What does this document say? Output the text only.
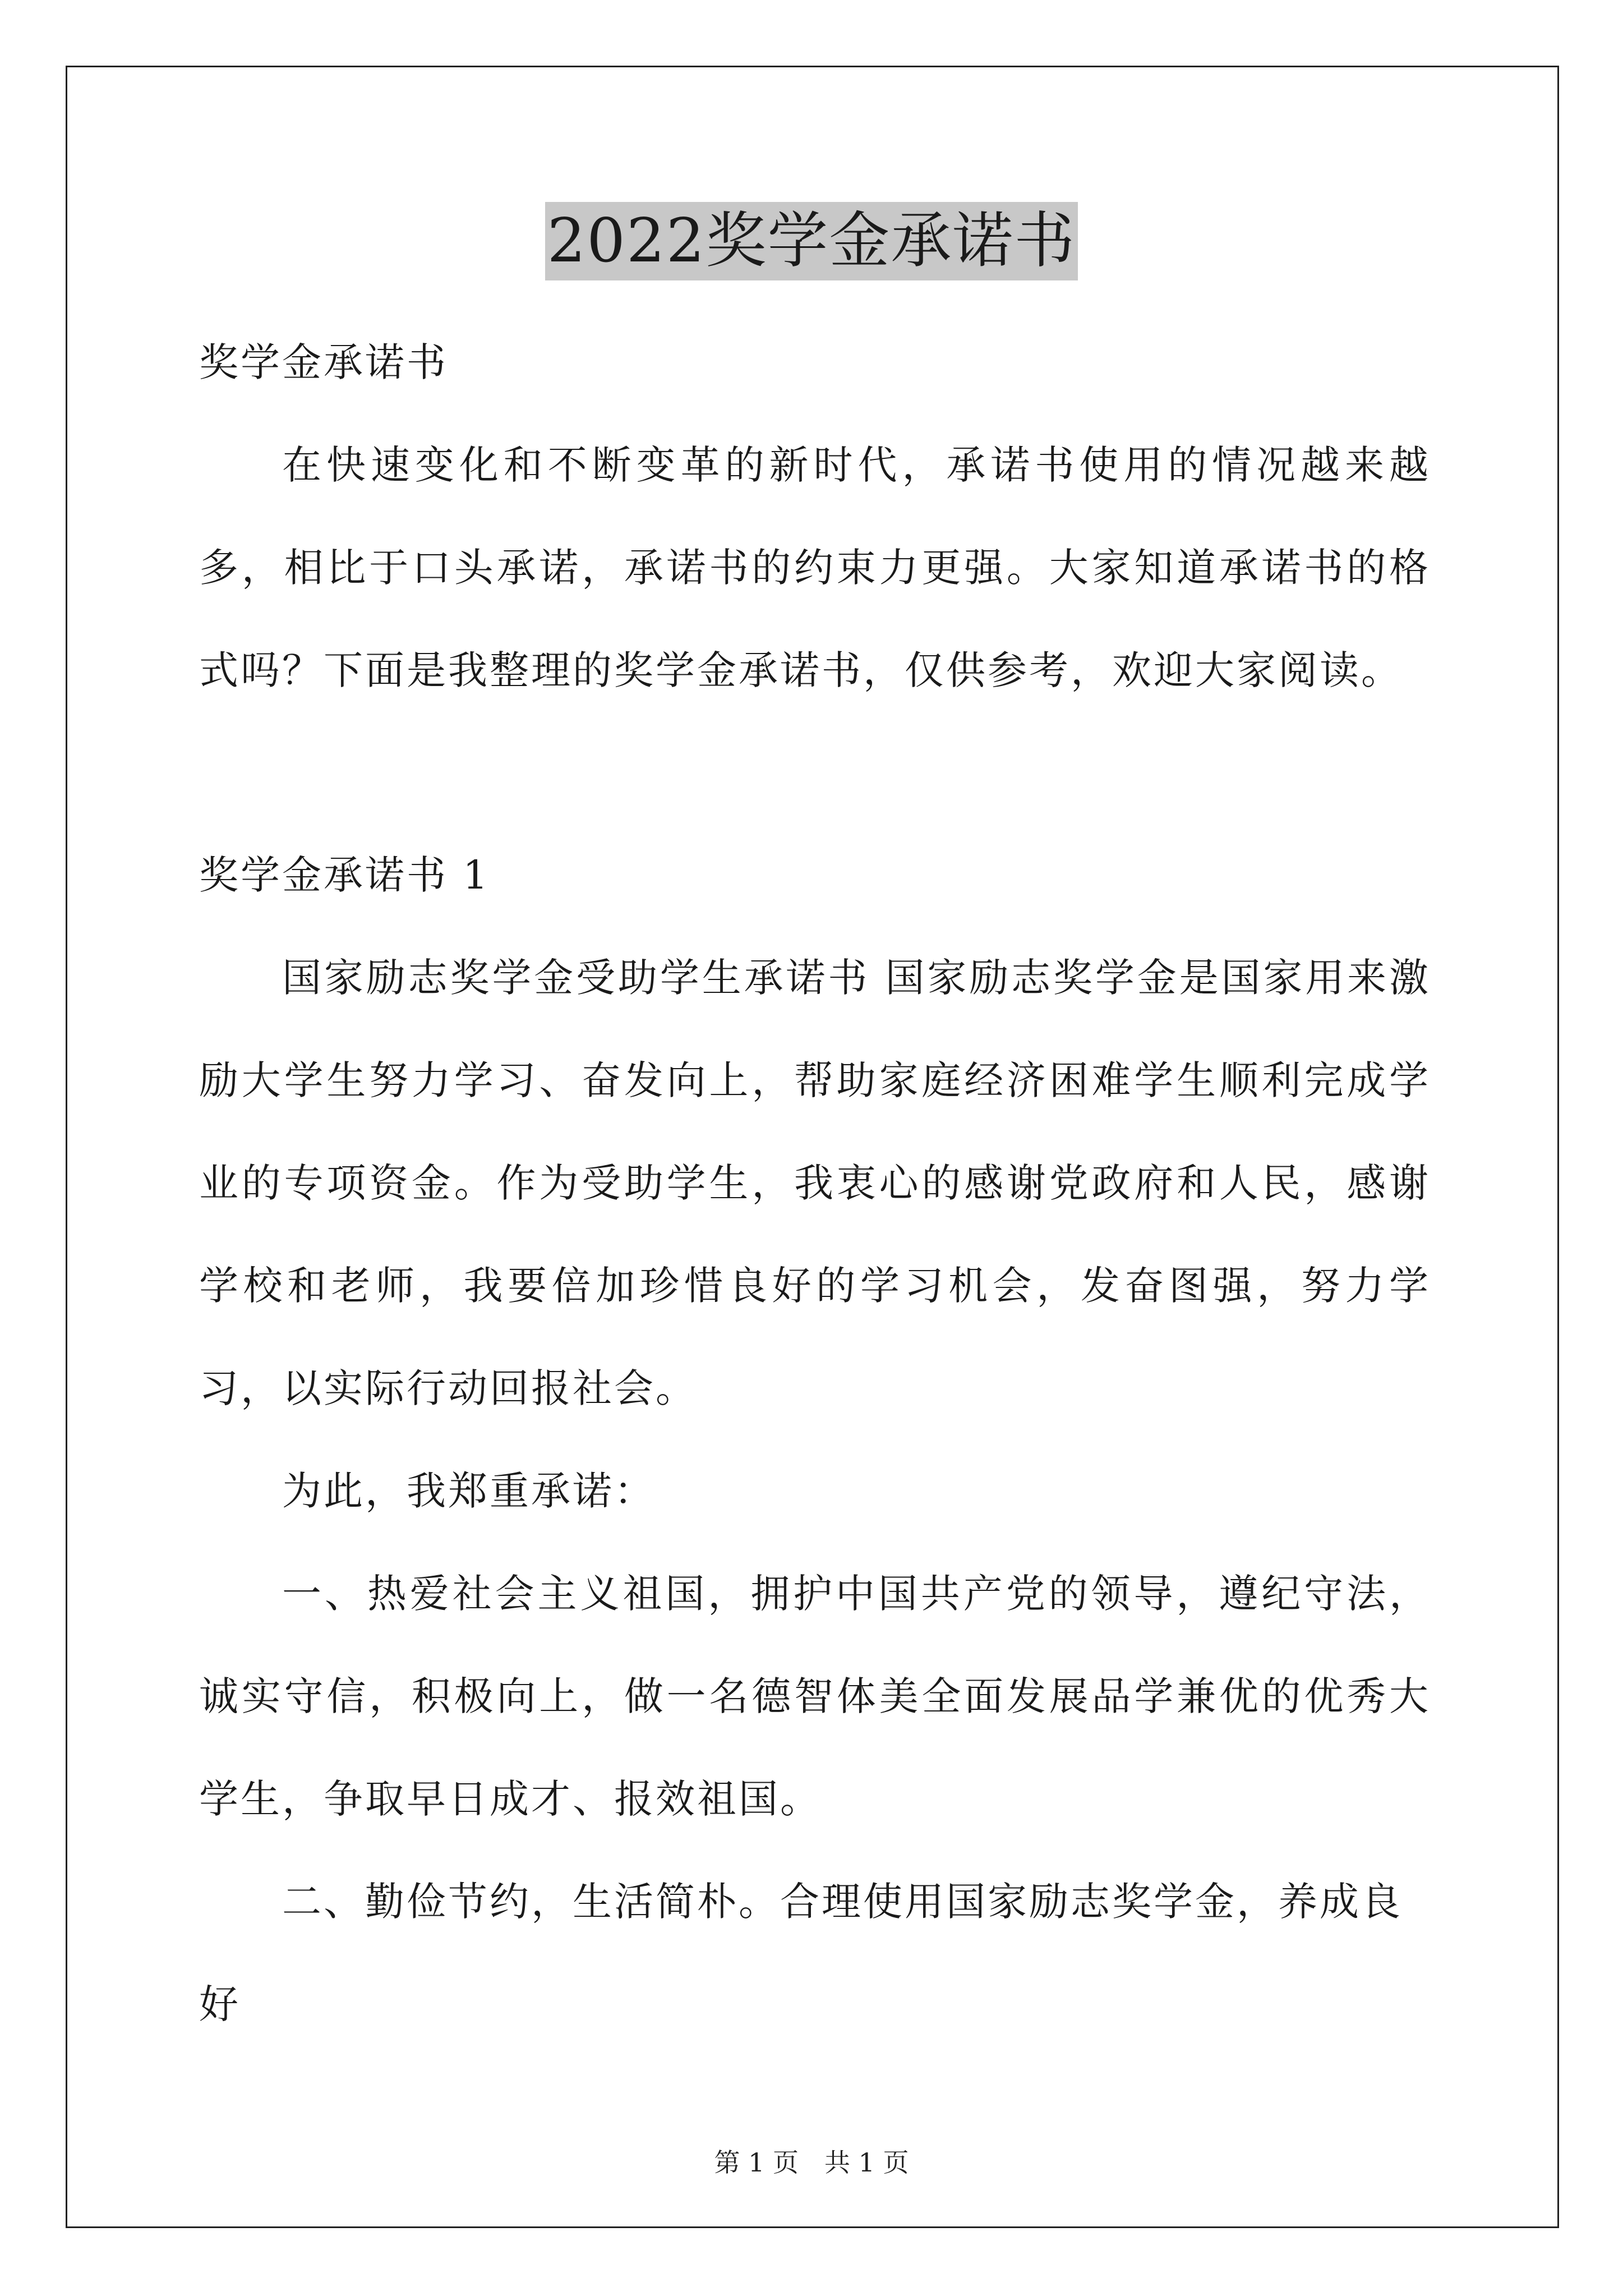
2022奖学金承诺书

奖学金承诺书

在快速变化和不断变革的新时代，承诺书使用的情况越来越多，相比于口头承诺，承诺书的约束力更强。大家知道承诺书的格式吗？下面是我整理的奖学金承诺书，仅供参考，欢迎大家阅读。

奖学金承诺书 1

国家励志奖学金受助学生承诺书 国家励志奖学金是国家用来激励大学生努力学习、奋发向上，帮助家庭经济困难学生顺利完成学业的专项资金。作为受助学生，我衷心的感谢党政府和人民，感谢学校和老师，我要倍加珍惜良好的学习机会，发奋图强，努力学习，以实际行动回报社会。

为此，我郑重承诺：

一、热爱社会主义祖国，拥护中国共产党的领导，遵纪守法，诚实守信，积极向上，做一名德智体美全面发展品学兼优的优秀大学生，争取早日成才、报效祖国。

二、勤俭节约，生活简朴。合理使用国家励志奖学金，养成良好

第 1 页　共 1 页
